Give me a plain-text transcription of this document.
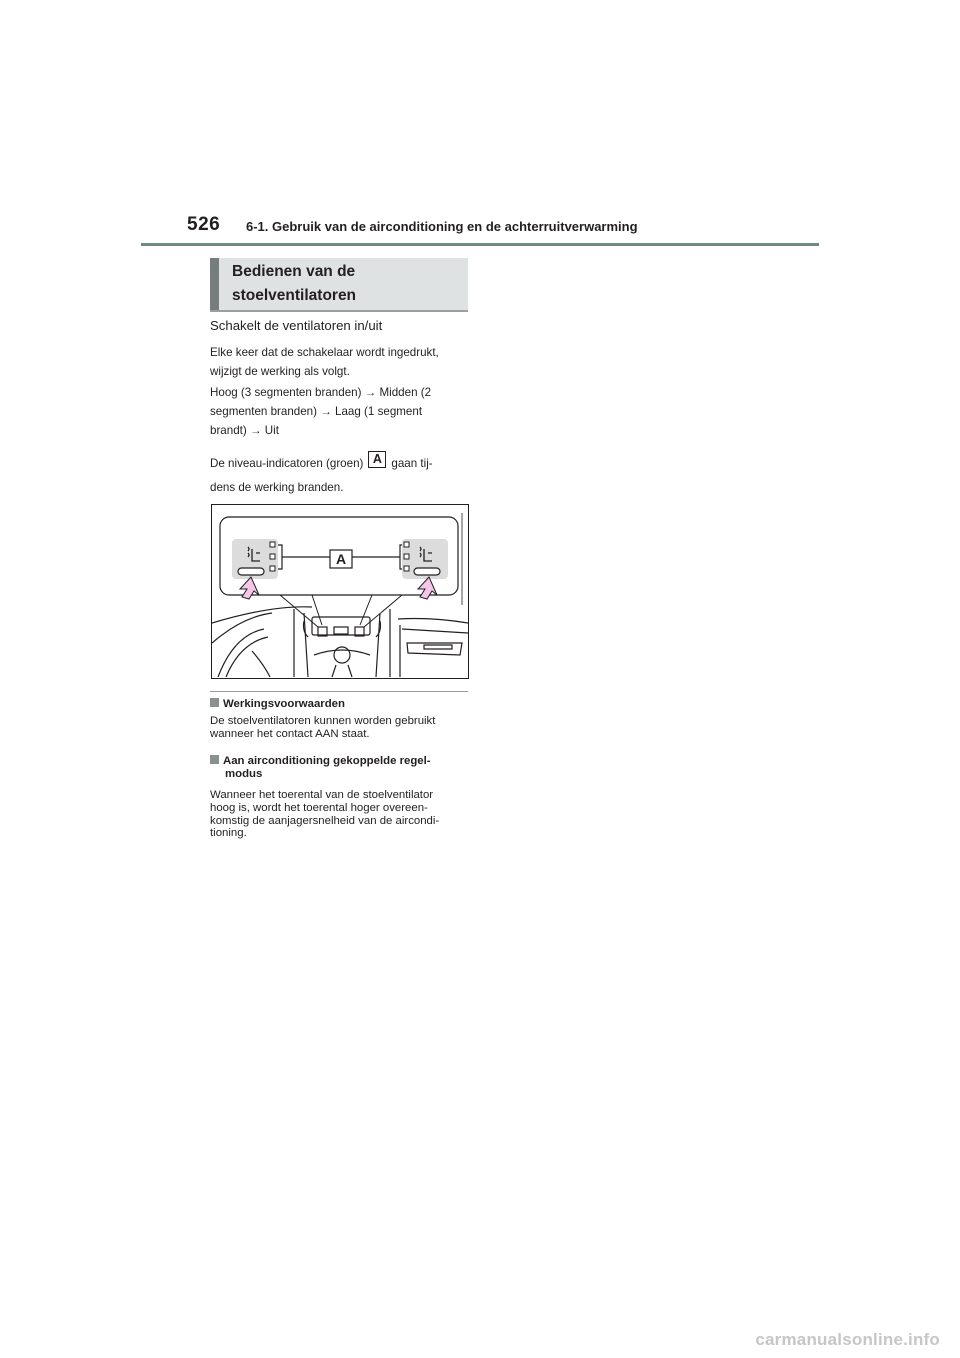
526 6-1. Gebruik van de airconditioning en de achterruitverwarming
Bedienen van de
stoelventilatoren
Schakelt de ventilatoren in/uit

Elke keer dat de schakelaar wordt ingedrukt,
wijzigt de werking als volgt.

Hoog (3 segmenten branden) → Midden (2
segmenten branden) → Laag (1 segment
brandt) → Uit

De niveau-indicatoren (groen) A gaan tij-
dens de werking branden.

A
Werkingsvoorwaarden
De stoelventilatoren kunnen worden gebruikt
wanneer het contact AAN staat.
Aan airconditioning gekoppelde regel-
modus
Wanneer het toerental van de stoelventilator
hoog is, wordt het toerental hoger overeen-
komstig de aanjagersnelheid van de aircondi-
tioning.
carmanualsonline.info
